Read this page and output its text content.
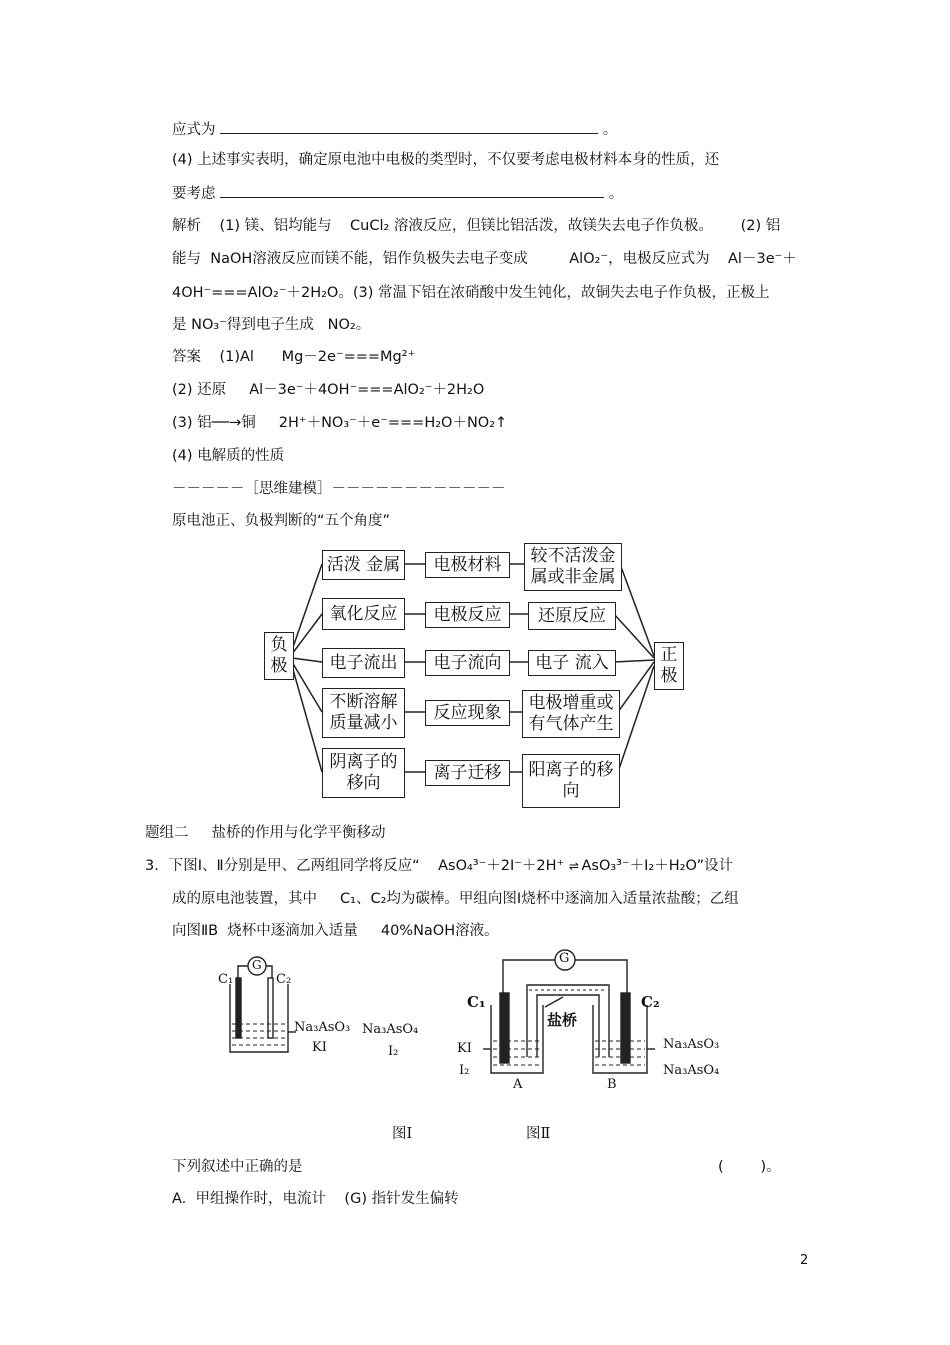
应式为	。
(4) 上述事实表明，确定原电池中电极的类型时，不仅要考虑电极材料本身的性质，还
要考虑	。
解析 (1) 镁、铝均能与 CuCl₂ 溶液反应，但镁比铝活泼，故镁失去电子作负极。 (2) 铝
能与 NaOH溶液反应而镁不能，铝作负极失去电子变成	AlO₂⁻，电极反应式为 Al－3e⁻＋
4OH⁻===AlO₂⁻＋2H₂O。(3) 常温下铝在浓硝酸中发生钝化，故铜失去电子作负极，正极上
是 NO₃⁻得到电子生成   NO₂。
答案 (1)Al      Mg－2e⁻===Mg²⁺
(2) 还原     Al－3e⁻＋4OH⁻===AlO₂⁻＋2H₂O
(3) 铝──→铜     2H⁺＋NO₃⁻＋e⁻===H₂O＋NO₂↑
(4) 电解质的性质
－－－－－［思维建模］－－－－－－－－－－－－
原电池正、负极判断的“五个角度”
负
极
正
极
活泼 金属	电极材料	较不活泼金
属或非金属
氧化反应	电极反应	还原反应
电子流出	电子流向	电子 流入
不断溶解
质量减小
反应现象	电极增重或
有气体产生
阴离子的
移向
离子迁移	阳离子的移
向
题组二     盐桥的作用与化学平衡移动
3．下图Ⅰ、Ⅱ分别是甲、乙两组同学将反应“ AsO₄³⁻＋2I⁻＋2H⁺ ⇌ AsO₃³⁻＋I₂＋H₂O”设计
成的原电池装置，其中     C₁、C₂均为碳棒。甲组向图Ⅰ烧杯中逐滴加入适量浓盐酸；乙组
向图ⅡB  烧杯中逐滴加入适量     40%NaOH溶液。
G
C₁	C₂
Na₃AsO₃
KI
Na₃AsO₄
I₂
G
C₁	C₂
盐桥
KI
I₂
Na₃AsO₃
Na₃AsO₄
A	B
图Ⅰ	图Ⅱ
下列叙述中正确的是	(        )。
A.  甲组操作时，电流计    (G) 指针发生偏转
2
